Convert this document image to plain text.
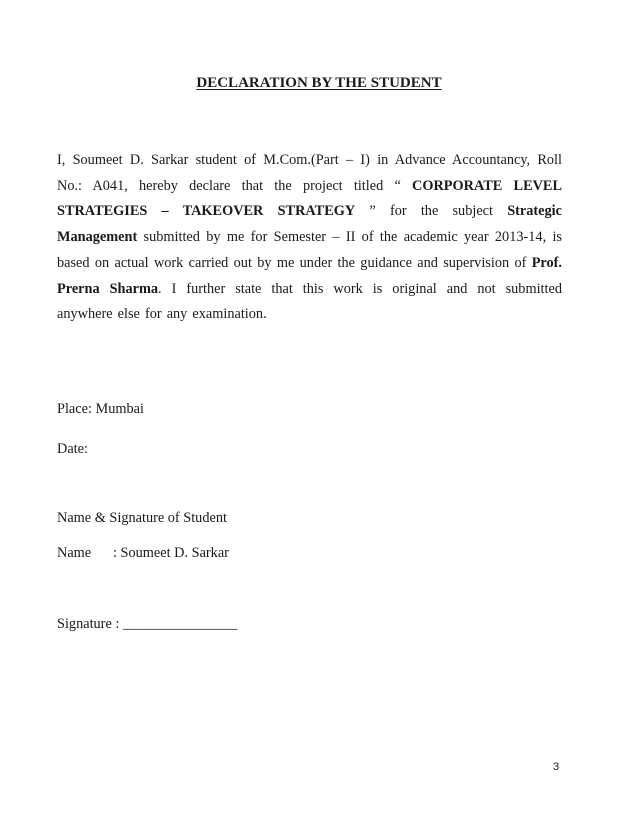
DECLARATION BY THE STUDENT

I, Soumeet D. Sarkar student of M.Com.(Part – I) in Advance Accountancy, Roll No.: A041, hereby declare that the project titled “ CORPORATE LEVEL STRATEGIES – TAKEOVER STRATEGY ” for the subject Strategic Management submitted by me for Semester – II of the academic year 2013-14, is based on actual work carried out by me under the guidance and supervision of Prof. Prerna Sharma. I further state that this work is original and not submitted anywhere else for any examination.

Place: Mumbai
Date:
Name & Signature of Student
Name : Soumeet D. Sarkar
Signature : ________________
3
